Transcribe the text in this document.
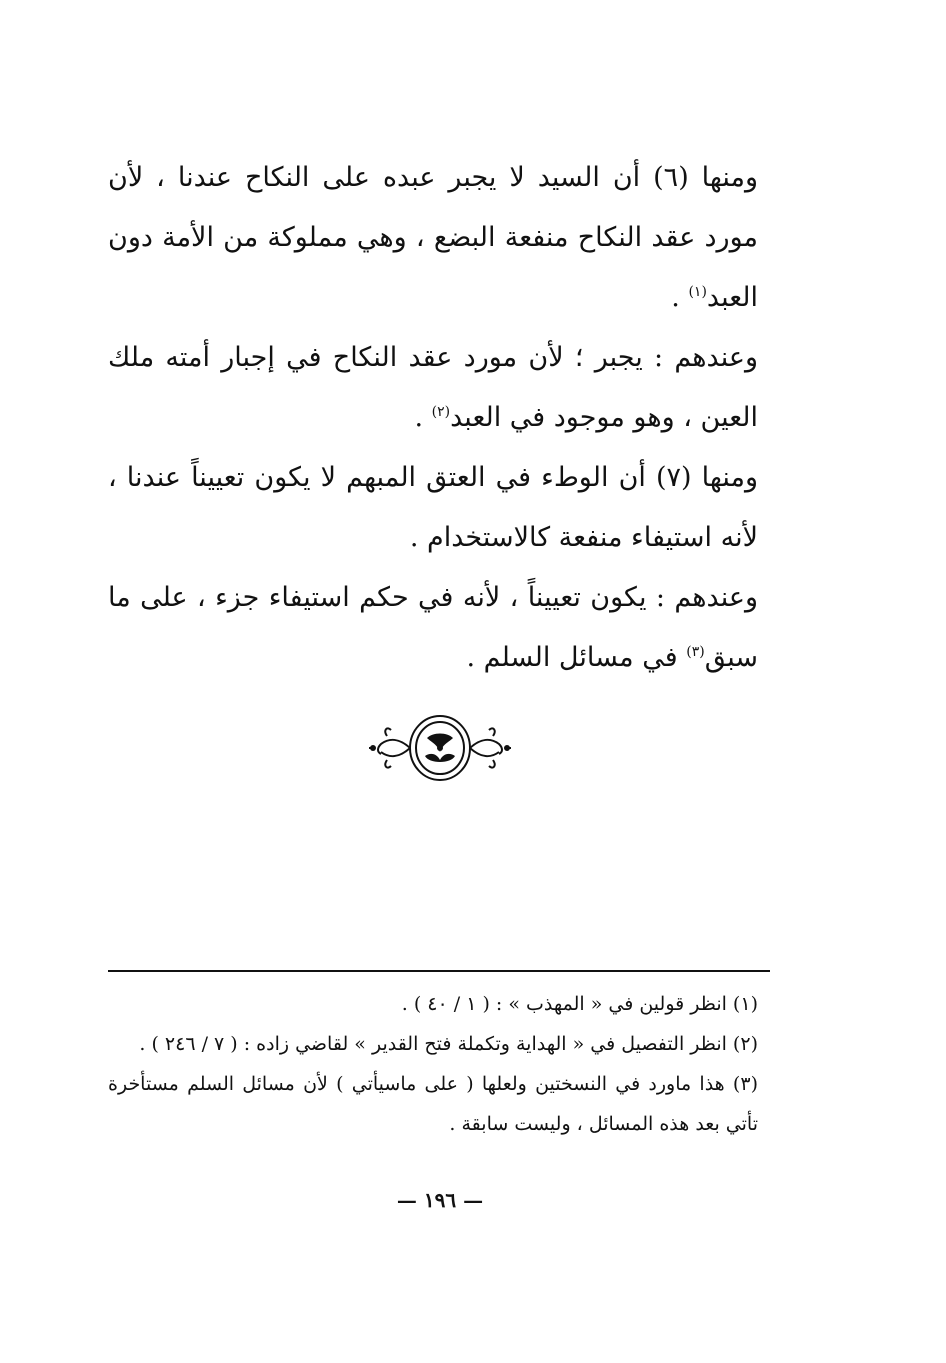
ومنها (٦) أن السيد لا يجبر عبده على النكاح عندنا ، لأن مورد عقد النكاح منفعة البضع ، وهي مملوكة من الأمة دون العبد$^{(١)}$ .

وعندهم : يجبر ؛ لأن مورد عقد النكاح في إجبار أمته ملك العين ، وهو موجود في العبد$^{(٢)}$ .

ومنها (٧) أن الوطء في العتق المبهم لا يكون تعييناً عندنا ، لأنه استيفاء منفعة كالاستخدام .

وعندهم : يكون تعييناً ، لأنه في حكم استيفاء جزء ، على ما سبق$^{(٣)}$ في مسائل السلم .

(١) انظر قولين في « المهذب » : ( ١ / ٤٠ ) .

(٢) انظر التفصيل في « الهداية وتكملة فتح القدير » لقاضي زاده : ( ٧ / ٢٤٦ ) .

(٣) هذا ماورد في النسختين ولعلها ( على ماسيأتي ) لأن مسائل السلم مستأخرة تأتي بعد هذه المسائل ، وليست سابقة .

— ١٩٦ —
